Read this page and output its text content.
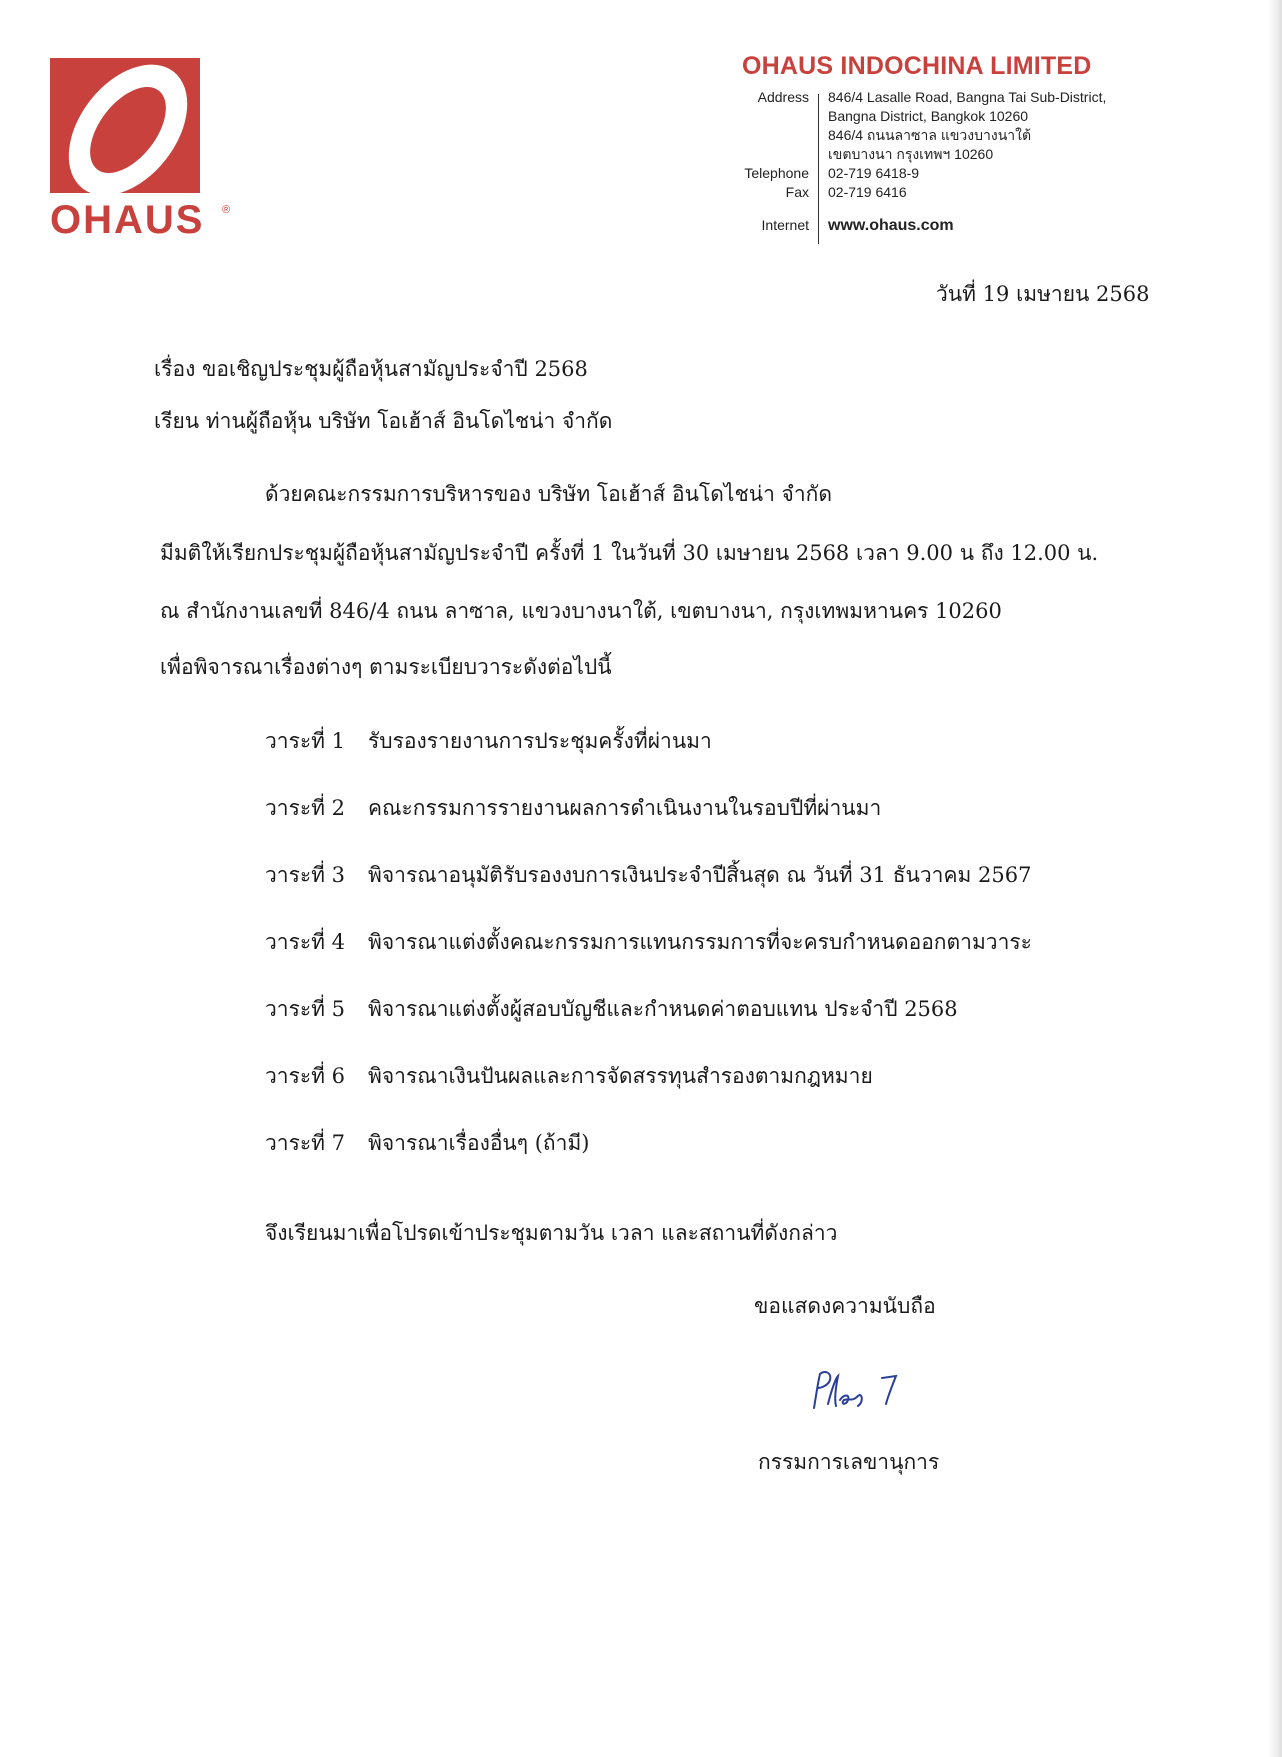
OHAUS ®
OHAUS INDOCHINA LIMITED
Address 846/4 Lasalle Road, Bangna Tai Sub-District,
Bangna District, Bangkok 10260
846/4 ถนนลาซาล แขวงบางนาใต้
เขตบางนา กรุงเทพฯ 10260
Telephone 02-719 6418-9
Fax 02-719 6416
Internet www.ohaus.com
วันที่ 19 เมษายน 2568
เรื่อง ขอเชิญประชุมผู้ถือหุ้นสามัญประจำปี 2568
เรียน ท่านผู้ถือหุ้น บริษัท โอเฮ้าส์ อินโดไชน่า จำกัด
ด้วยคณะกรรมการบริหารของ บริษัท โอเฮ้าส์ อินโดไชน่า จำกัด
มีมติให้เรียกประชุมผู้ถือหุ้นสามัญประจำปี ครั้งที่ 1 ในวันที่ 30 เมษายน 2568 เวลา 9.00 น ถึง 12.00 น.
ณ สำนักงานเลขที่ 846/4 ถนน ลาซาล, แขวงบางนาใต้, เขตบางนา, กรุงเทพมหานคร 10260
เพื่อพิจารณาเรื่องต่างๆ ตามระเบียบวาระดังต่อไปนี้
วาระที่ 1 รับรองรายงานการประชุมครั้งที่ผ่านมา
วาระที่ 2 คณะกรรมการรายงานผลการดำเนินงานในรอบปีที่ผ่านมา
วาระที่ 3 พิจารณาอนุมัติรับรองงบการเงินประจำปีสิ้นสุด ณ วันที่ 31 ธันวาคม 2567
วาระที่ 4 พิจารณาแต่งตั้งคณะกรรมการแทนกรรมการที่จะครบกำหนดออกตามวาระ
วาระที่ 5 พิจารณาแต่งตั้งผู้สอบบัญชีและกำหนดค่าตอบแทน ประจำปี 2568
วาระที่ 6 พิจารณาเงินปันผลและการจัดสรรทุนสำรองตามกฎหมาย
วาระที่ 7 พิจารณาเรื่องอื่นๆ (ถ้ามี)
จึงเรียนมาเพื่อโปรดเข้าประชุมตามวัน เวลา และสถานที่ดังกล่าว
ขอแสดงความนับถือ
กรรมการเลขานุการ
